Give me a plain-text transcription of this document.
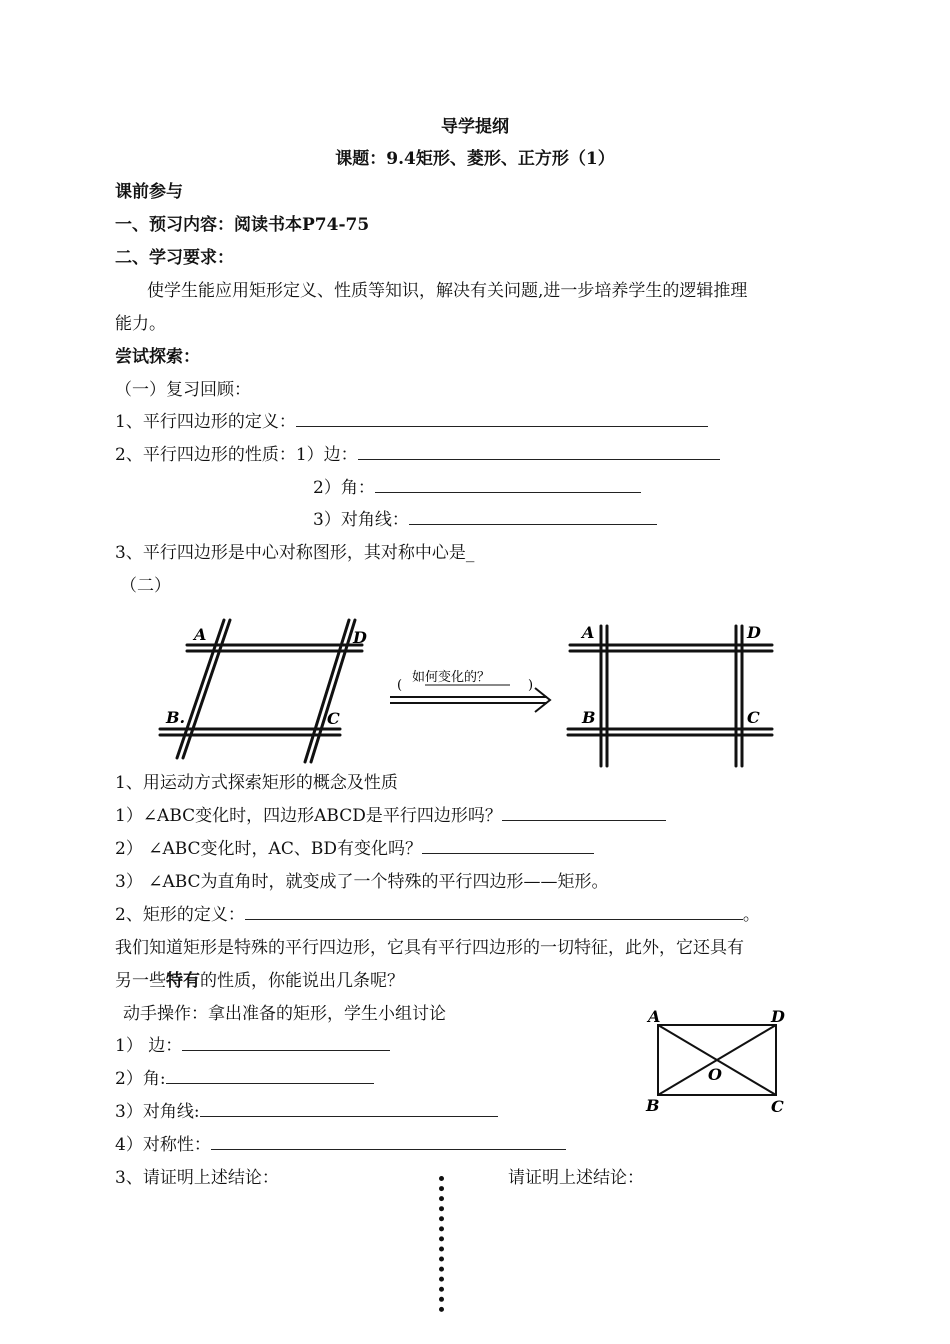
导学提纲
课题：9.4矩形、菱形、正方形（1）
课前参与
一、预习内容：阅读书本P74-75
二、学习要求：
使学生能应用矩形定义、性质等知识，解决有关问题,进一步培养学生的逻辑推理
能力。
尝试探索：
（一）复习回顾：
1、平行四边形的定义：
2、平行四边形的性质：1）边：
2）角：
3）对角线：
3、平行四边形是中心对称图形，其对称中心是_
（二）
A	D
B.	C
(	)
如何变化的？
A	D
B	C
1、用运动方式探索矩形的概念及性质
1）∠ABC变化时，四边形ABCD是平行四边形吗？
2） ∠ABC变化时，AC、BD有变化吗？
3） ∠ABC为直角时，就变成了一个特殊的平行四边形——矩形。
2、矩形的定义：	。
我们知道矩形是特殊的平行四边形，它具有平行四边形的一切特征，此外，它还具有
另一些特有的性质，你能说出几条呢？
动手操作：拿出准备的矩形，学生小组讨论
1） 边：
2）角:
3）对角线:
4）对称性：
A	D
B	C
O
3、请证明上述结论：	请证明上述结论：
